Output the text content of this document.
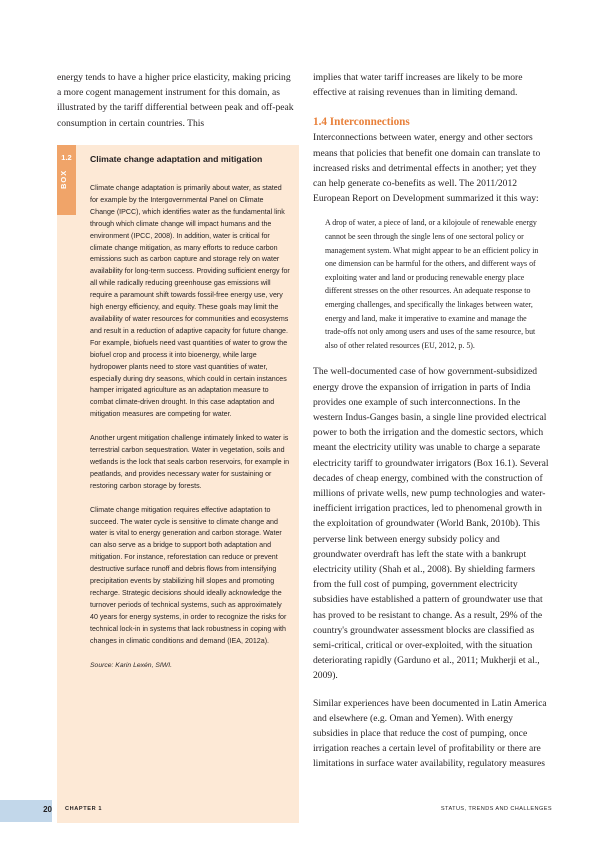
energy tends to have a higher price elasticity, making pricing a more cogent management instrument for this domain, as illustrated by the tariff differential between peak and off-peak consumption in certain countries. This

1.2
BOX
Climate change adaptation and mitigation

Climate change adaptation is primarily about water, as stated for example by the Intergovernmental Panel on Climate Change (IPCC), which identifies water as the fundamental link through which climate change will impact humans and the environment (IPCC, 2008). In addition, water is critical for climate change mitigation, as many efforts to reduce carbon emissions such as carbon capture and storage rely on water availability for long-term success. Providing sufficient energy for all while radically reducing greenhouse gas emissions will require a paramount shift towards fossil-free energy use, very high energy efficiency, and equity. These goals may limit the availability of water resources for communities and ecosystems and result in a reduction of adaptive capacity for future change. For example, biofuels need vast quantities of water to grow the biofuel crop and process it into bioenergy, while large hydropower plants need to store vast quantities of water, especially during dry seasons, which could in certain instances hamper irrigated agriculture as an adaptation measure to combat climate-driven drought. In this case adaptation and mitigation measures are competing for water.

Another urgent mitigation challenge intimately linked to water is terrestrial carbon sequestration. Water in vegetation, soils and wetlands is the lock that seals carbon reservoirs, for example in peatlands, and provides necessary water for sustaining or restoring carbon storage by forests.

Climate change mitigation requires effective adaptation to succeed. The water cycle is sensitive to climate change and water is vital to energy generation and carbon storage. Water can also serve as a bridge to support both adaptation and mitigation. For instance, reforestation can reduce or prevent destructive surface runoff and debris flows from intensifying precipitation events by stabilizing hill slopes and promoting recharge. Strategic decisions should ideally acknowledge the turnover periods of technical systems, such as approximately 40 years for energy systems, in order to recognize the risks for technical lock-in in systems that lack robustness in coping with changes in climatic conditions and demand (IEA, 2012a).

Source: Karin Lexén, SIWI.

implies that water tariff increases are likely to be more effective at raising revenues than in limiting demand.

1.4 Interconnections

Interconnections between water, energy and other sectors means that policies that benefit one domain can translate to increased risks and detrimental effects in another; yet they can help generate co-benefits as well. The 2011/2012 European Report on Development summarized it this way:

A drop of water, a piece of land, or a kilojoule of renewable energy cannot be seen through the single lens of one sectoral policy or management system. What might appear to be an efficient policy in one dimension can be harmful for the others, and different ways of exploiting water and land or producing renewable energy place different stresses on the other resources. An adequate response to emerging challenges, and specifically the linkages between water, energy and land, make it imperative to examine and manage the trade-offs not only among users and uses of the same resource, but also of other related resources (EU, 2012, p. 5).

The well-documented case of how government-subsidized energy drove the expansion of irrigation in parts of India provides one example of such interconnections. In the western Indus-Ganges basin, a single line provided electrical power to both the irrigation and the domestic sectors, which meant the electricity utility was unable to charge a separate electricity tariff to groundwater irrigators (Box 16.1). Several decades of cheap energy, combined with the construction of millions of private wells, new pump technologies and water-inefficient irrigation practices, led to phenomenal growth in the exploitation of groundwater (World Bank, 2010b). This perverse link between energy subsidy policy and groundwater overdraft has left the state with a bankrupt electricity utility (Shah et al., 2008). By shielding farmers from the full cost of pumping, government electricity subsidies have established a pattern of groundwater use that has proved to be resistant to change. As a result, 29% of the country's groundwater assessment blocks are classified as semi-critical, critical or over-exploited, with the situation deteriorating rapidly (Garduno et al., 2011; Mukherji et al., 2009).

Similar experiences have been documented in Latin America and elsewhere (e.g. Oman and Yemen). With energy subsidies in place that reduce the cost of pumping, once irrigation reaches a certain level of profitability or there are limitations in surface water availability, regulatory measures

20 CHAPTER 1	STATUS, TRENDS AND CHALLENGES
